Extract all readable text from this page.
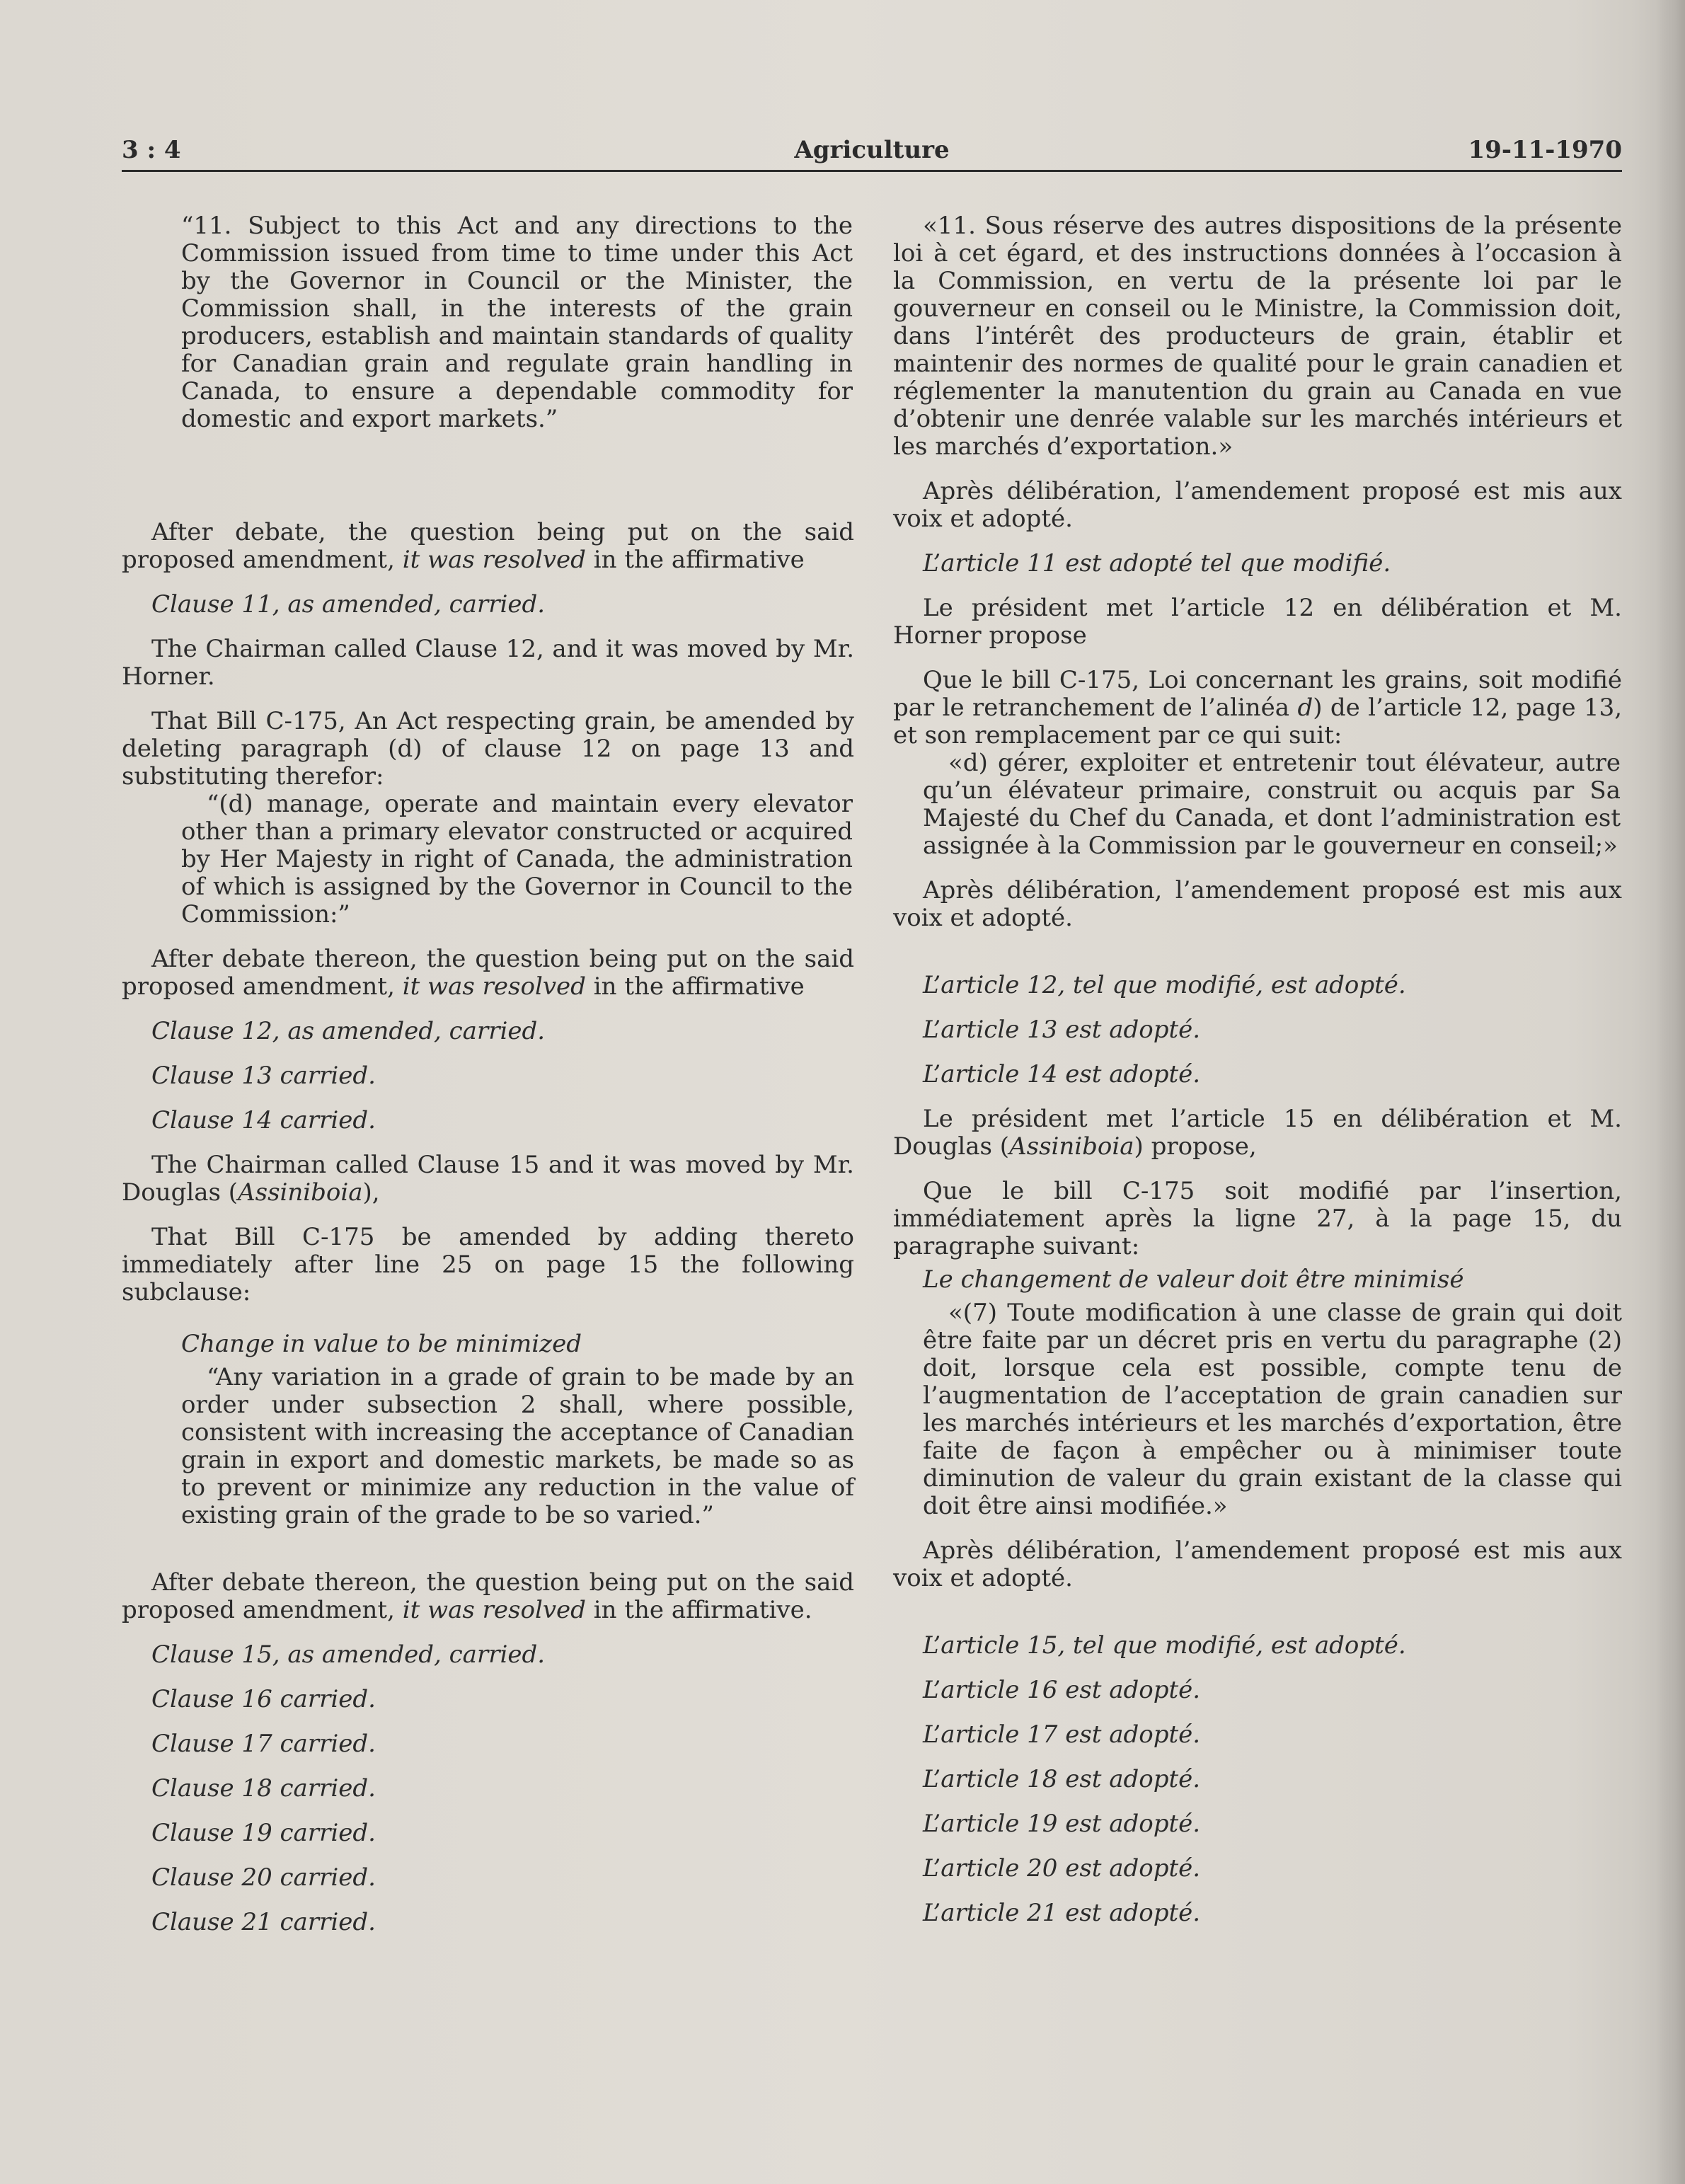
3 : 4	Agriculture	19-11-1970

“11. Subject to this Act and any directions to the Commission issued from time to time under this Act by the Governor in Council or the Minister, the Commission shall, in the interests of the grain producers, establish and maintain standards of quality for Canadian grain and regulate grain handling in Canada, to ensure a dependable commodity for domestic and export markets.”

After debate, the question being put on the said proposed amendment, it was resolved in the affirmative

Clause 11, as amended, carried.

The Chairman called Clause 12, and it was moved by Mr. Horner.

That Bill C-175, An Act respecting grain, be amended by deleting paragraph (d) of clause 12 on page 13 and substituting therefor:

“(d) manage, operate and maintain every elevator other than a primary elevator constructed or acquired by Her Majesty in right of Canada, the administration of which is assigned by the Governor in Council to the Commission:”

After debate thereon, the question being put on the said proposed amendment, it was resolved in the affirmative

Clause 12, as amended, carried.

Clause 13 carried.

Clause 14 carried.

The Chairman called Clause 15 and it was moved by Mr. Douglas (Assiniboia),

That Bill C-175 be amended by adding thereto immediately after line 25 on page 15 the following subclause:

Change in value to be minimized

“Any variation in a grade of grain to be made by an order under subsection 2 shall, where possible, consistent with increasing the acceptance of Canadian grain in export and domestic markets, be made so as to prevent or minimize any reduction in the value of existing grain of the grade to be so varied.”

After debate thereon, the question being put on the said proposed amendment, it was resolved in the affirmative.

Clause 15, as amended, carried.

Clause 16 carried.

Clause 17 carried.

Clause 18 carried.

Clause 19 carried.

Clause 20 carried.

Clause 21 carried.

«11. Sous réserve des autres dispositions de la présente loi à cet égard, et des instructions données à l’occasion à la Commission, en vertu de la présente loi par le gouverneur en conseil ou le Ministre, la Commission doit, dans l’intérêt des producteurs de grain, établir et maintenir des normes de qualité pour le grain canadien et réglementer la manutention du grain au Canada en vue d’obtenir une denrée valable sur les marchés intérieurs et les marchés d’exportation.»

Après délibération, l’amendement proposé est mis aux voix et adopté.

L’article 11 est adopté tel que modifié.

Le président met l’article 12 en délibération et M. Horner propose

Que le bill C-175, Loi concernant les grains, soit modifié par le retranchement de l’alinéa d) de l’article 12, page 13, et son remplacement par ce qui suit:

«d) gérer, exploiter et entretenir tout élévateur, autre qu’un élévateur primaire, construit ou acquis par Sa Majesté du Chef du Canada, et dont l’administration est assignée à la Commission par le gouverneur en conseil;»

Après délibération, l’amendement proposé est mis aux voix et adopté.

L’article 12, tel que modifié, est adopté.

L’article 13 est adopté.

L’article 14 est adopté.

Le président met l’article 15 en délibération et M. Douglas (Assiniboia) propose,

Que le bill C-175 soit modifié par l’insertion, immédiatement après la ligne 27, à la page 15, du paragraphe suivant:

Le changement de valeur doit être minimisé

«(7) Toute modification à une classe de grain qui doit être faite par un décret pris en vertu du paragraphe (2) doit, lorsque cela est possible, compte tenu de l’augmentation de l’acceptation de grain canadien sur les marchés intérieurs et les marchés d’exportation, être faite de façon à empêcher ou à minimiser toute diminution de valeur du grain existant de la classe qui doit être ainsi modifiée.»

Après délibération, l’amendement proposé est mis aux voix et adopté.

L’article 15, tel que modifié, est adopté.

L’article 16 est adopté.

L’article 17 est adopté.

L’article 18 est adopté.

L’article 19 est adopté.

L’article 20 est adopté.

L’article 21 est adopté.
